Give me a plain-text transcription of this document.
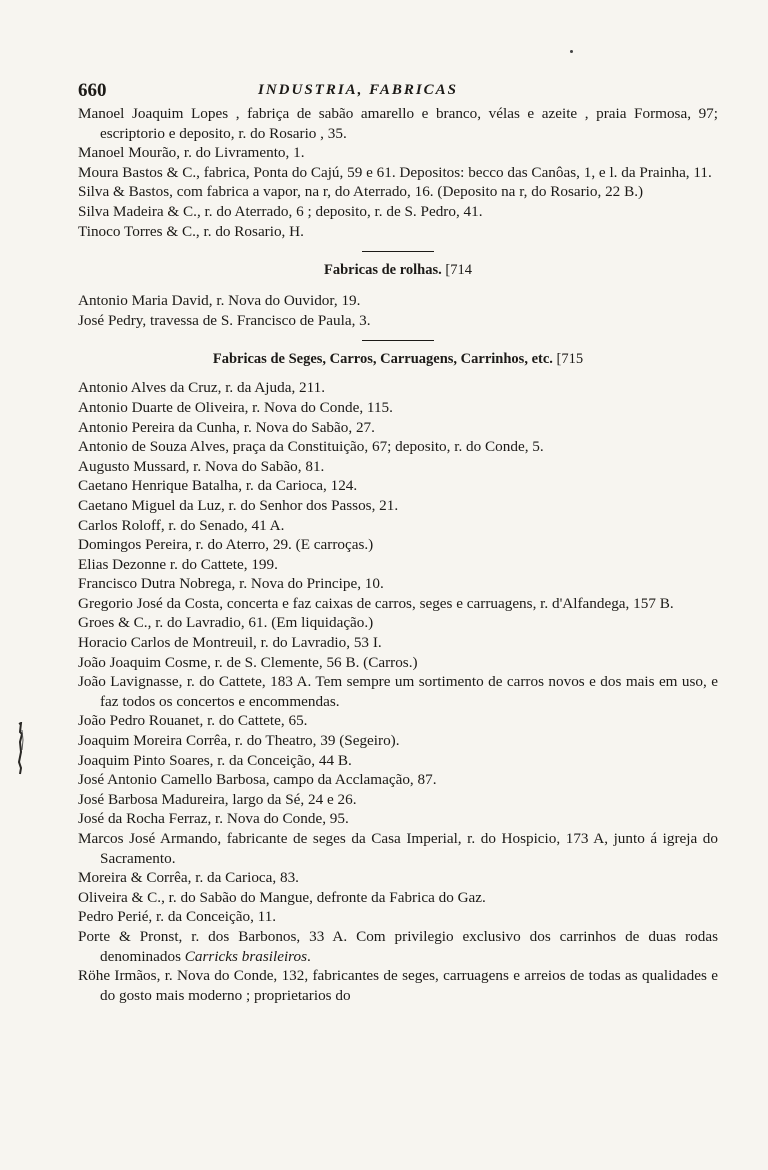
660	INDUSTRIA, FABRICAS
Manoel Joaquim Lopes , fabriça de sabão amarello e branco, vélas e azeite , praia Formosa, 97; escriptorio e deposito, r. do Rosario , 35.
Manoel Mourão, r. do Livramento, 1.
Moura Bastos & C., fabrica, Ponta do Cajú, 59 e 61. Depositos: becco das Canôas, 1, e l. da Prainha, 11.
Silva & Bastos, com fabrica a vapor, na r, do Aterrado, 16. (Deposito na r, do Rosario, 22 B.)
Silva Madeira & C., r. do Aterrado, 6 ; deposito, r. de S. Pedro, 41.
Tinoco Torres & C., r. do Rosario, H.
Fabricas de rolhas. [714
Antonio Maria David, r. Nova do Ouvidor, 19.
José Pedry, travessa de S. Francisco de Paula, 3.
Fabricas de Seges, Carros, Carruagens, Carrinhos, etc. [715
Antonio Alves da Cruz, r. da Ajuda, 211.
Antonio Duarte de Oliveira, r. Nova do Conde, 115.
Antonio Pereira da Cunha, r. Nova do Sabão, 27.
Antonio de Souza Alves, praça da Constituição, 67; deposito, r. do Conde, 5.
Augusto Mussard, r. Nova do Sabão, 81.
Caetano Henrique Batalha, r. da Carioca, 124.
Caetano Miguel da Luz, r. do Senhor dos Passos, 21.
Carlos Roloff, r. do Senado, 41 A.
Domingos Pereira, r. do Aterro, 29. (E carroças.)
Elias Dezonne r. do Cattete, 199.
Francisco Dutra Nobrega, r. Nova do Principe, 10.
Gregorio José da Costa, concerta e faz caixas de carros, seges e carruagens, r. d'Alfandega, 157 B.
Groes & C., r. do Lavradio, 61. (Em liquidação.)
Horacio Carlos de Montreuil, r. do Lavradio, 53 I.
João Joaquim Cosme, r. de S. Clemente, 56 B. (Carros.)
João Lavignasse, r. do Cattete, 183 A. Tem sempre um sortimento de carros novos e dos mais em uso, e faz todos os concertos e encommendas.
João Pedro Rouanet, r. do Cattete, 65.
Joaquim Moreira Corrêa, r. do Theatro, 39 (Segeiro).
Joaquim Pinto Soares, r. da Conceição, 44 B.
José Antonio Camello Barbosa, campo da Acclamação, 87.
José Barbosa Madureira, largo da Sé, 24 e 26.
José da Rocha Ferraz, r. Nova do Conde, 95.
Marcos José Armando, fabricante de seges da Casa Imperial, r. do Hospicio, 173 A, junto á igreja do Sacramento.
Moreira & Corrêa, r. da Carioca, 83.
Oliveira & C., r. do Sabão do Mangue, defronte da Fabrica do Gaz.
Pedro Perié, r. da Conceição, 11.
Porte & Pronst, r. dos Barbonos, 33 A. Com privilegio exclusivo dos carrinhos de duas rodas denominados Carricks brasileiros.
Röhe Irmãos, r. Nova do Conde, 132, fabricantes de seges, carruagens e arreios de todas as qualidades e do gosto mais moderno ; proprietarios do
